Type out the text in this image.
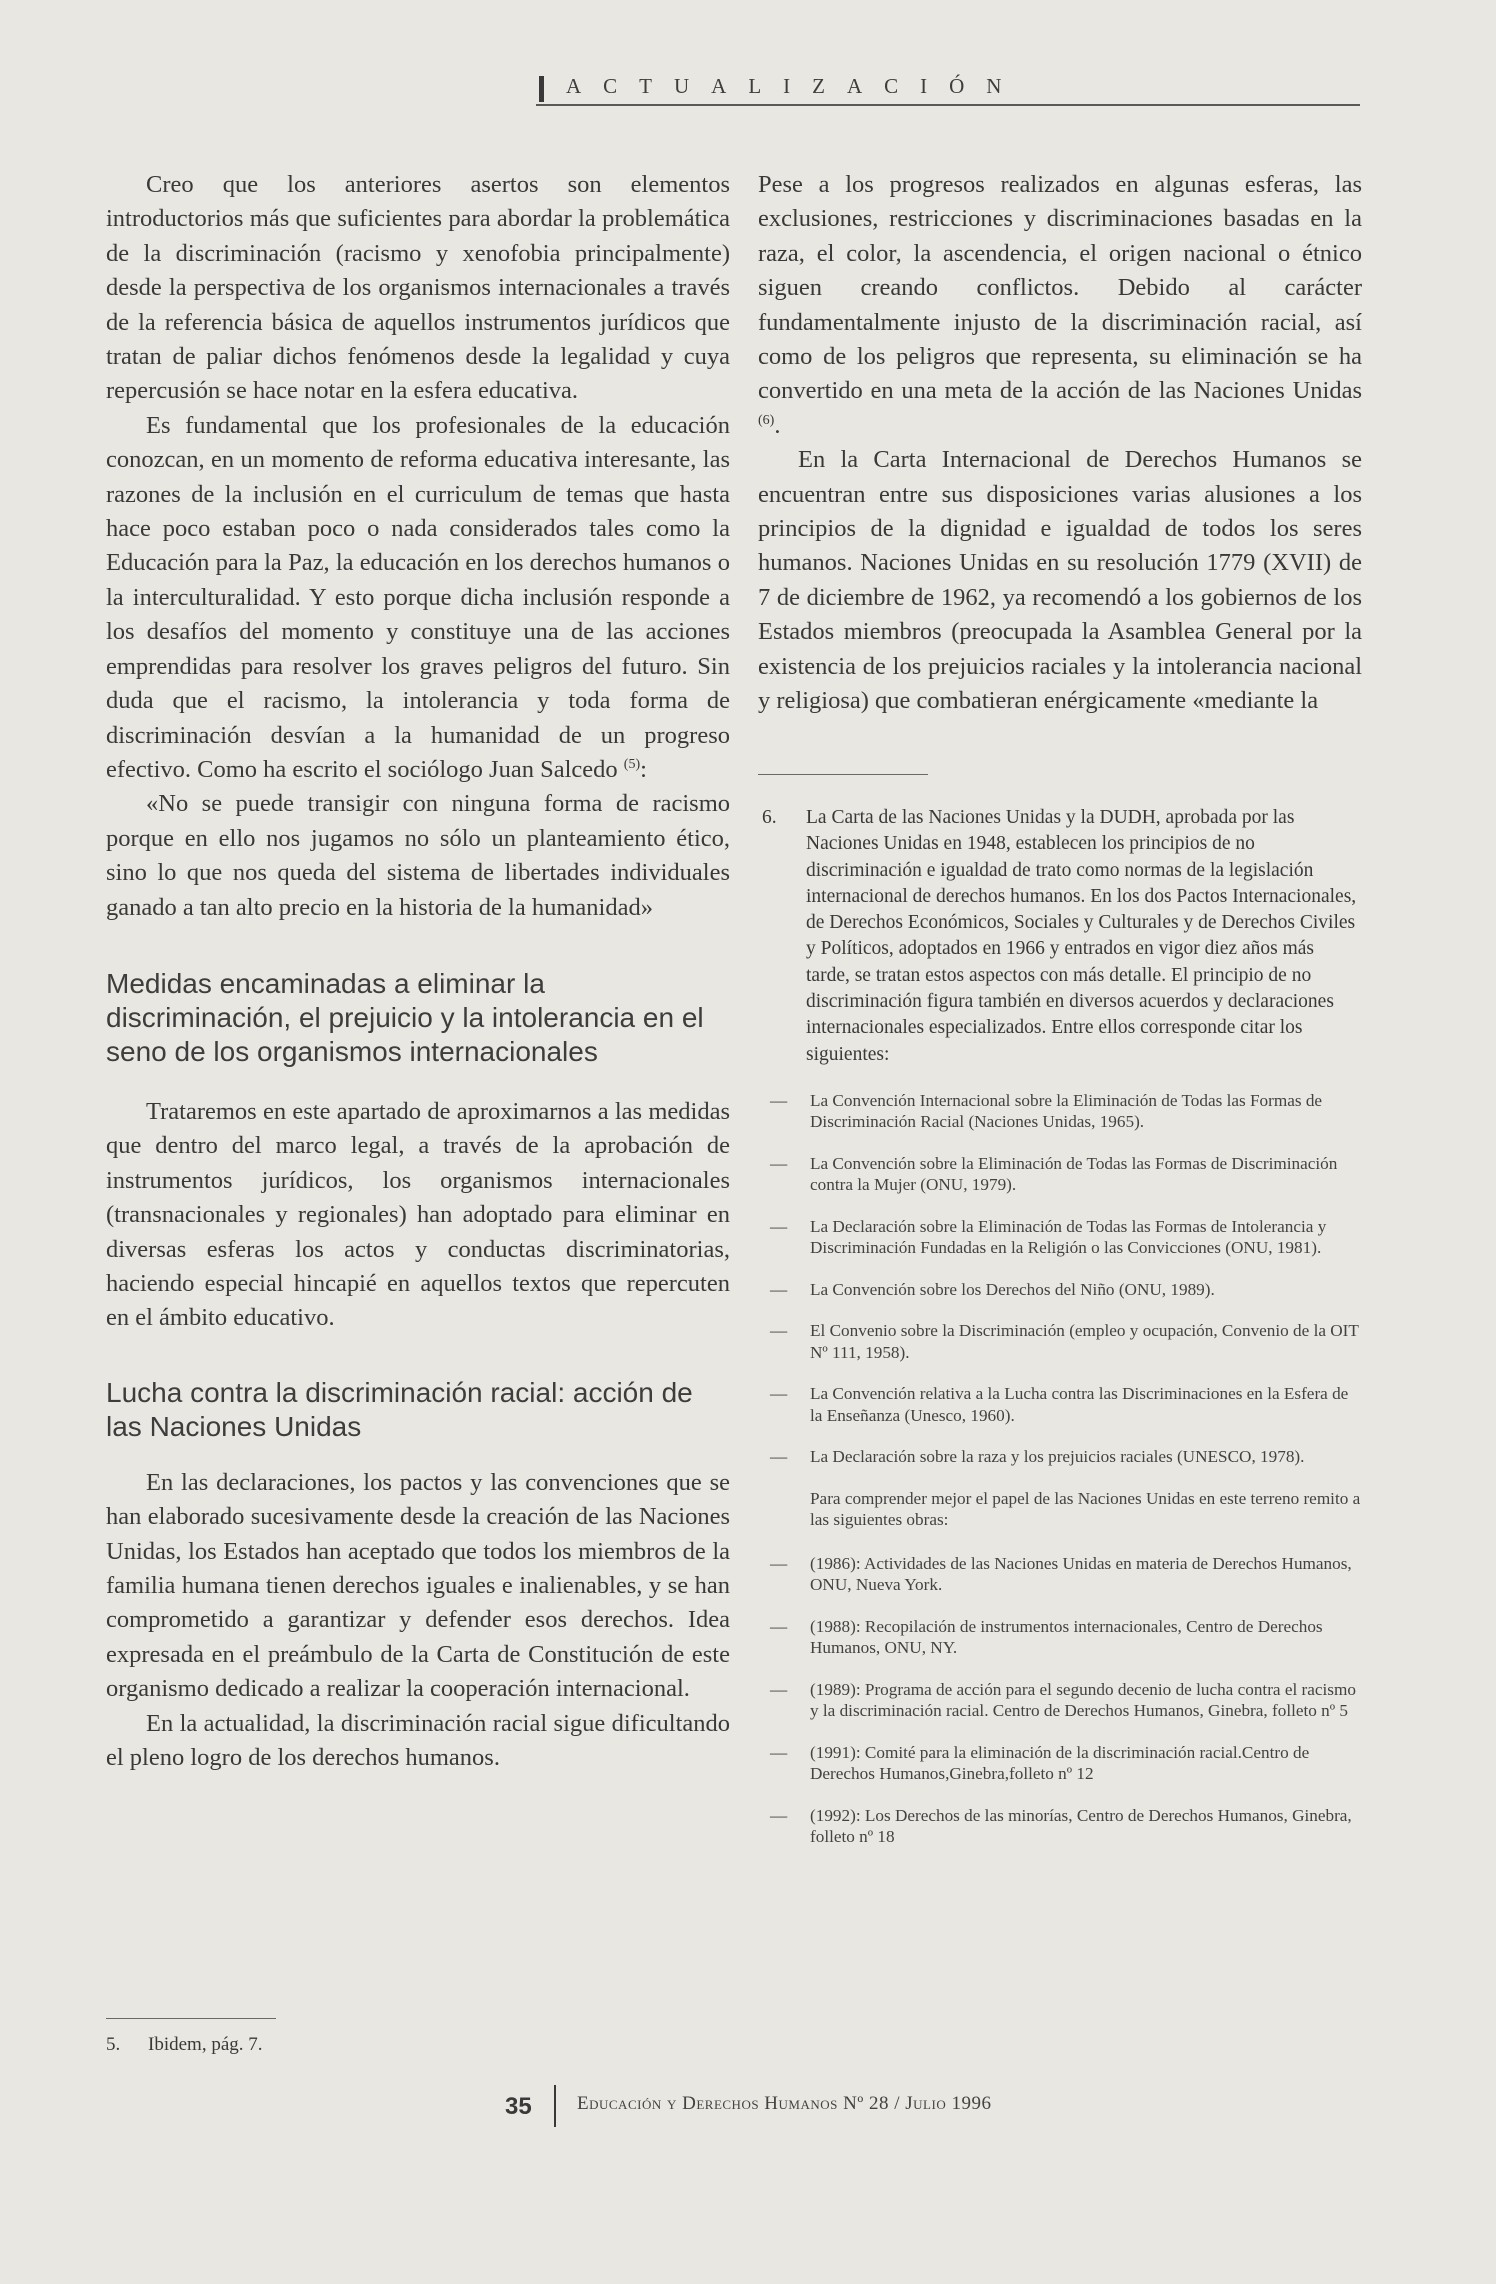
ACTUALIZACIÓN

Creo que los anteriores asertos son elementos introductorios más que suficientes para abordar la problemática de la discriminación (racismo y xenofobia principalmente) desde la perspectiva de los organismos internacionales a través de la referencia básica de aquellos instrumentos jurídicos que tratan de paliar dichos fenómenos desde la legalidad y cuya repercusión se hace notar en la esfera educativa.

Es fundamental que los profesionales de la educación conozcan, en un momento de reforma educativa interesante, las razones de la inclusión en el curriculum de temas que hasta hace poco estaban poco o nada considerados tales como la Educación para la Paz, la educación en los derechos humanos o la interculturalidad. Y esto porque dicha inclusión responde a los desafíos del momento y constituye una de las acciones emprendidas para resolver los graves peligros del futuro. Sin duda que el racismo, la intolerancia y toda forma de discriminación desvían a la humanidad de un progreso efectivo. Como ha escrito el sociólogo Juan Salcedo $^{(5)}$:

«No se puede transigir con ninguna forma de racismo porque en ello nos jugamos no sólo un planteamiento ético, sino lo que nos queda del sistema de libertades individuales ganado a tan alto precio en la historia de la humanidad»

Medidas encaminadas a eliminar la discriminación, el prejuicio y la intolerancia en el seno de los organismos internacionales

Trataremos en este apartado de aproximarnos a las medidas que dentro del marco legal, a través de la aprobación de instrumentos jurídicos, los organismos internacionales (transnacionales y regionales) han adoptado para eliminar en diversas esferas los actos y conductas discriminatorias, haciendo especial hincapié en aquellos textos que repercuten en el ámbito educativo.

Lucha contra la discriminación racial: acción de las Naciones Unidas

En las declaraciones, los pactos y las convenciones que se han elaborado sucesivamente desde la creación de las Naciones Unidas, los Estados han aceptado que todos los miembros de la familia humana tienen derechos iguales e inalienables, y se han comprometido a garantizar y defender esos derechos. Idea expresada en el preámbulo de la Carta de Constitución de este organismo dedicado a realizar la cooperación internacional.

En la actualidad, la discriminación racial sigue dificultando el pleno logro de los derechos humanos.

5. Ibidem, pág. 7.

Pese a los progresos realizados en algunas esferas, las exclusiones, restricciones y discriminaciones basadas en la raza, el color, la ascendencia, el origen nacional o étnico siguen creando conflictos. Debido al carácter fundamentalmente injusto de la discriminación racial, así como de los peligros que representa, su eliminación se ha convertido en una meta de la acción de las Naciones Unidas $^{(6)}$.

En la Carta Internacional de Derechos Humanos se encuentran entre sus disposiciones varias alusiones a los principios de la dignidad e igualdad de todos los seres humanos. Naciones Unidas en su resolución 1779 (XVII) de 7 de diciembre de 1962, ya recomendó a los gobiernos de los Estados miembros (preocupada la Asamblea General por la existencia de los prejuicios raciales y la intolerancia nacional y religiosa) que combatieran enérgicamente «mediante la

6. La Carta de las Naciones Unidas y la DUDH, aprobada por las Naciones Unidas en 1948, establecen los principios de no discriminación e igualdad de trato como normas de la legislación internacional de derechos humanos. En los dos Pactos Internacionales, de Derechos Económicos, Sociales y Culturales y de Derechos Civiles y Políticos, adoptados en 1966 y entrados en vigor diez años más tarde, se tratan estos aspectos con más detalle. El principio de no discriminación figura también en diversos acuerdos y declaraciones internacionales especializados. Entre ellos corresponde citar los siguientes:

— La Convención Internacional sobre la Eliminación de Todas las Formas de Discriminación Racial (Naciones Unidas, 1965).
— La Convención sobre la Eliminación de Todas las Formas de Discriminación contra la Mujer (ONU, 1979).
— La Declaración sobre la Eliminación de Todas las Formas de Intolerancia y Discriminación Fundadas en la Religión o las Convicciones (ONU, 1981).
— La Convención sobre los Derechos del Niño (ONU, 1989).
— El Convenio sobre la Discriminación (empleo y ocupación, Convenio de la OIT Nº 111, 1958).
— La Convención relativa a la Lucha contra las Discriminaciones en la Esfera de la Enseñanza (Unesco, 1960).
— La Declaración sobre la raza y los prejuicios raciales (UNESCO, 1978).

Para comprender mejor el papel de las Naciones Unidas en este terreno remito a las siguientes obras:

— (1986): Actividades de las Naciones Unidas en materia de Derechos Humanos, ONU, Nueva York.
— (1988): Recopilación de instrumentos internacionales, Centro de Derechos Humanos, ONU, NY.
— (1989): Programa de acción para el segundo decenio de lucha contra el racismo y la discriminación racial. Centro de Derechos Humanos, Ginebra, folleto nº 5
— (1991): Comité para la eliminación de la discriminación racial.Centro de Derechos Humanos,Ginebra,folleto nº 12
— (1992): Los Derechos de las minorías, Centro de Derechos Humanos, Ginebra, folleto nº 18
35 Educación y Derechos Humanos Nº 28 / Julio 1996
